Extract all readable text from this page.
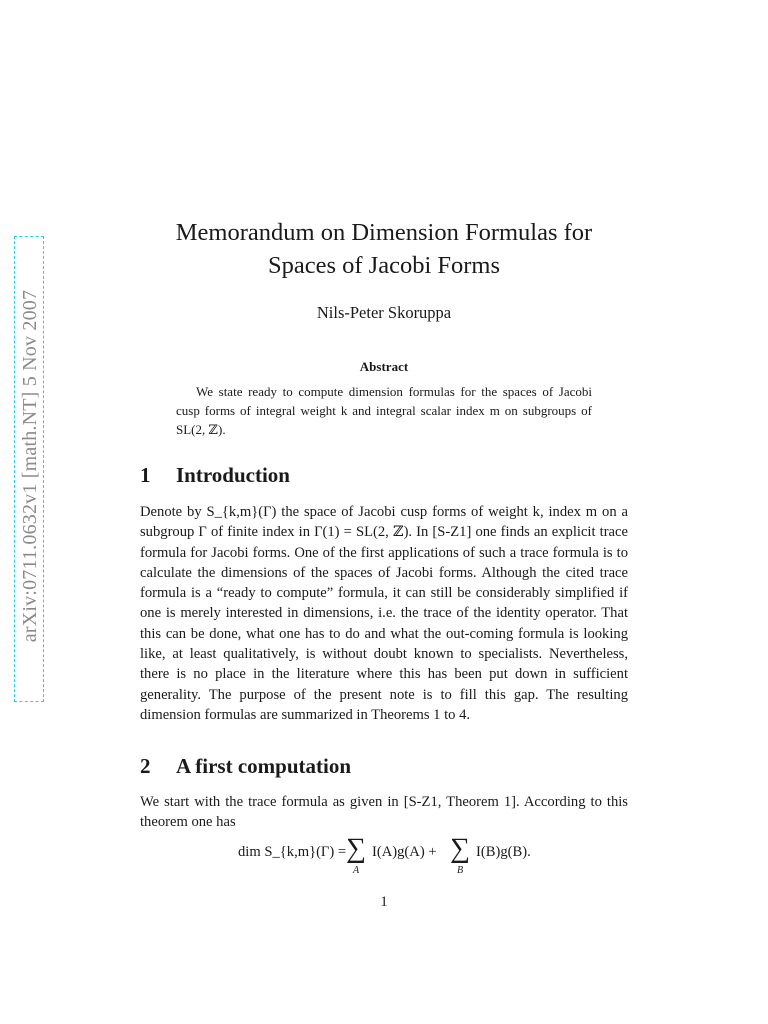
arXiv:0711.0632v1 [math.NT] 5 Nov 2007
Memorandum on Dimension Formulas for
Spaces of Jacobi Forms
Nils-Peter Skoruppa
Abstract

We state ready to compute dimension formulas for the spaces of Jacobi cusp forms of integral weight k and integral scalar index m on subgroups of SL(2, ℤ).

1 Introduction

Denote by S_{k,m}(Γ) the space of Jacobi cusp forms of weight k, index m on a subgroup Γ of finite index in Γ(1) = SL(2, ℤ). In [S-Z1] one finds an explicit trace formula for Jacobi forms. One of the first applications of such a trace formula is to calculate the dimensions of the spaces of Jacobi forms. Although the cited trace formula is a “ready to compute” formula, it can still be considerably simplified if one is merely interested in dimensions, i.e. the trace of the identity operator. That this can be done, what one has to do and what the out-coming formula is looking like, at least qualitatively, is without doubt known to specialists. Nevertheless, there is no place in the literature where this has been put down in sufficient generality. The purpose of the present note is to fill this gap. The resulting dimension formulas are summarized in Theorems 1 to 4.

2 A first computation

We start with the trace formula as given in [S-Z1, Theorem 1]. According to this theorem one has

dim S_{k,m}(Γ) = ∑
A
I(A)g(A) + ∑
B
I(B)g(B).
1
